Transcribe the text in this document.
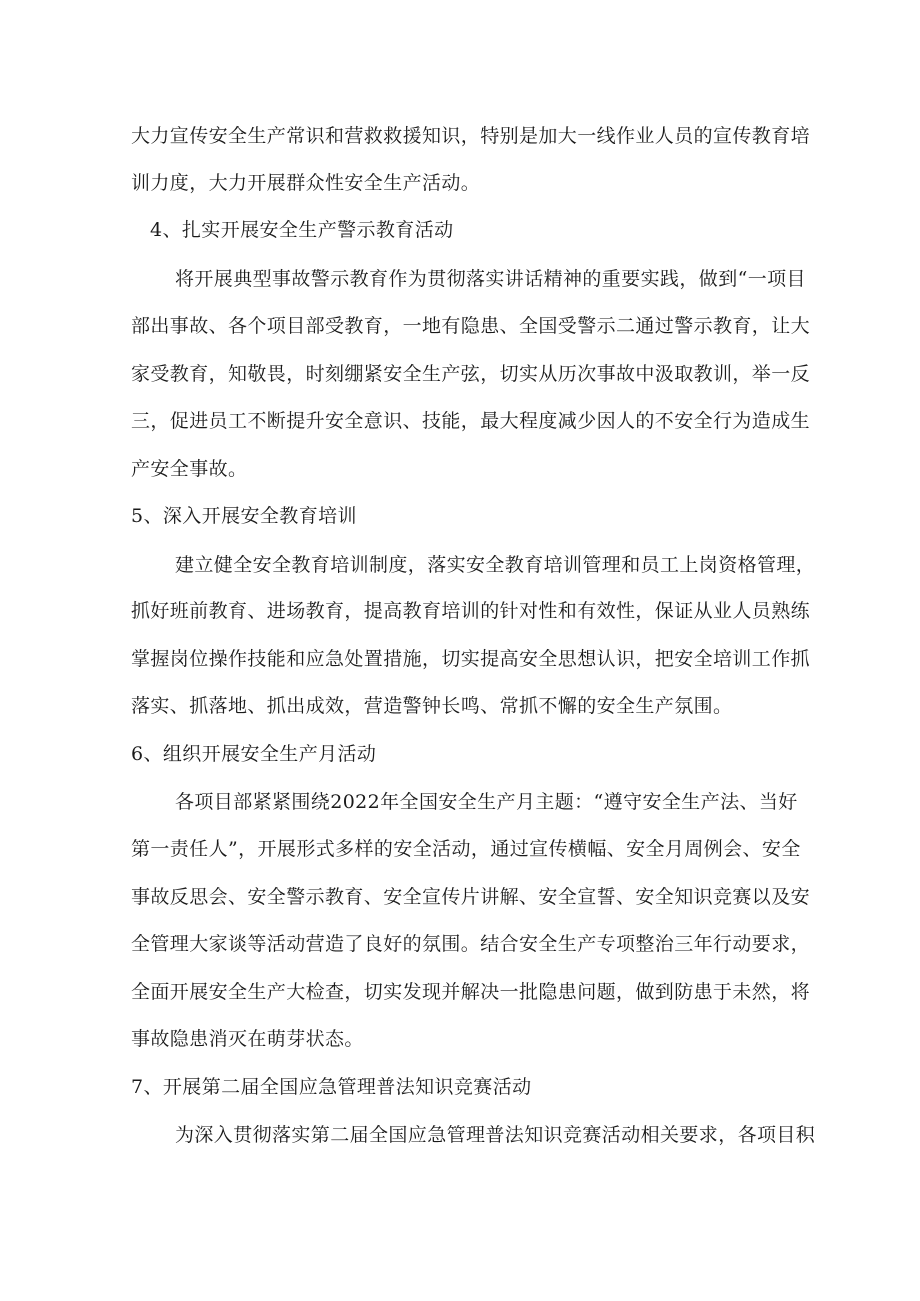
大力宣传安全生产常识和营救救援知识，特别是加大一线作业人员的宣传教育培
训力度，大力开展群众性安全生产活动。
4、扎实开展安全生产警示教育活动
将开展典型事故警示教育作为贯彻落实讲话精神的重要实践，做到“一项目
部出事故、各个项目部受教育，一地有隐患、全国受警示二通过警示教育，让大
家受教育，知敬畏，时刻绷紧安全生产弦，切实从历次事故中汲取教训，举一反
三，促进员工不断提升安全意识、技能，最大程度减少因人的不安全行为造成生
产安全事故。
5、深入开展安全教育培训
建立健全安全教育培训制度，落实安全教育培训管理和员工上岗资格管理，
抓好班前教育、进场教育，提高教育培训的针对性和有效性，保证从业人员熟练
掌握岗位操作技能和应急处置措施，切实提高安全思想认识，把安全培训工作抓
落实、抓落地、抓出成效，营造警钟长鸣、常抓不懈的安全生产氛围。
6、组织开展安全生产月活动
各项目部紧紧围绕2022年全国安全生产月主题：“遵守安全生产法、当好
第一责任人”，开展形式多样的安全活动，通过宣传横幅、安全月周例会、安全
事故反思会、安全警示教育、安全宣传片讲解、安全宣誓、安全知识竞赛以及安
全管理大家谈等活动营造了良好的氛围。结合安全生产专项整治三年行动要求，
全面开展安全生产大检查，切实发现并解决一批隐患问题，做到防患于未然，将
事故隐患消灭在萌芽状态。
7、开展第二届全国应急管理普法知识竞赛活动
为深入贯彻落实第二届全国应急管理普法知识竞赛活动相关要求，各项目积
